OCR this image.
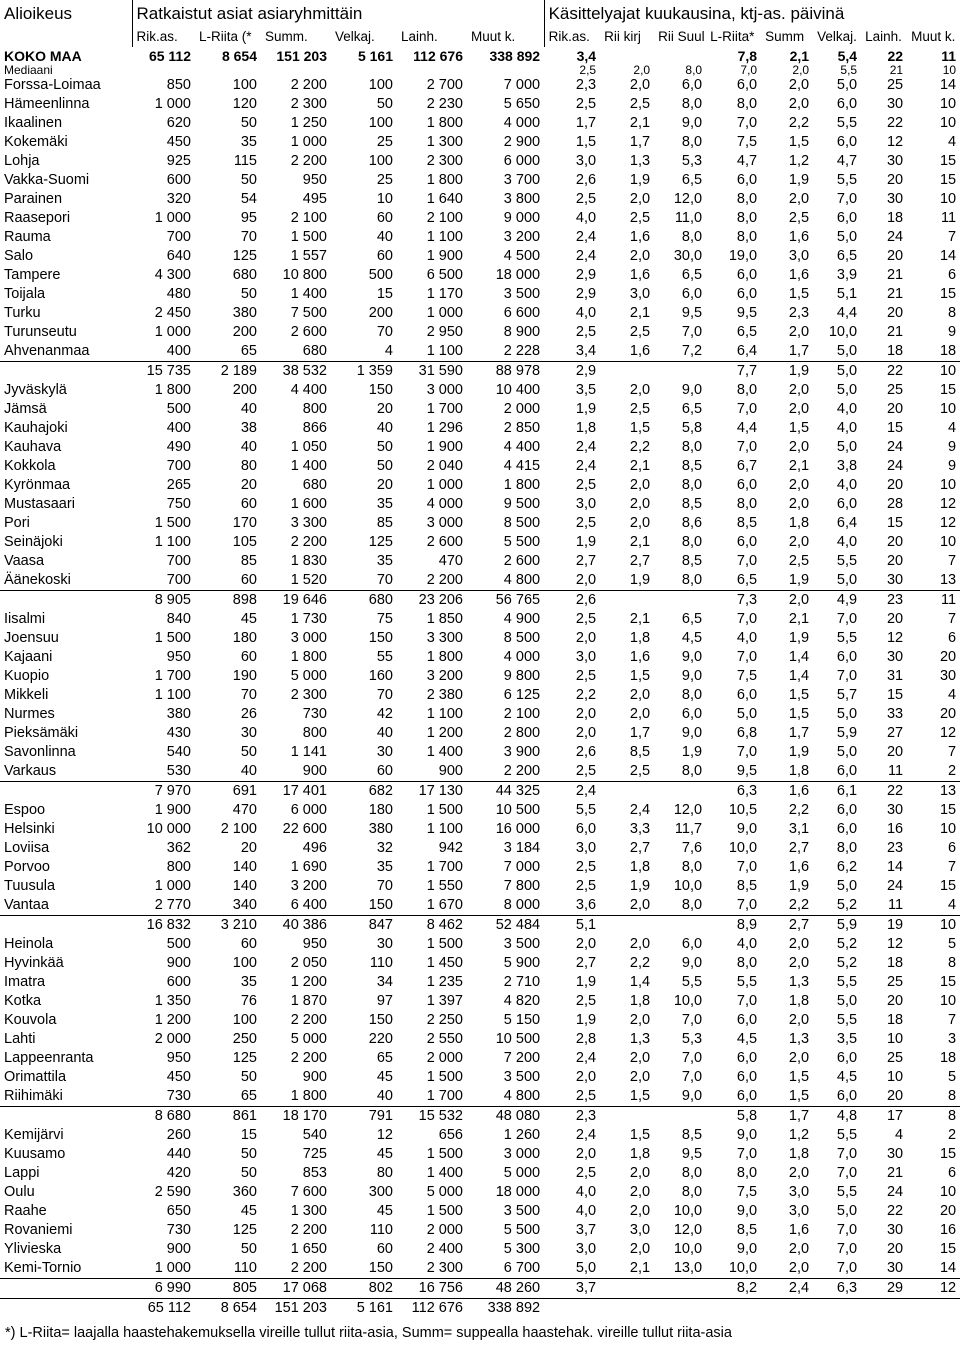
Alioikeus	Ratkaistut asiat asiaryhmittäin						Käsittelyajat kuukausina, ktj-as. päivinä							
	Rik.as.	L-Riita (*	Summ.	Velkaj.	Lainh.	Muut k.	Rik.as.	Rii kirj	Rii Suul	L-Riita*	Summ	Velkaj.	Lainh.	Muut k.
KOKO MAA	65 112	8 654	151 203	5 161	112 676	338 892	3,4			7,8	2,1	5,4	22	11
Mediaani							2,5	2,0	8,0	7,0	2,0	5,5	21	10
Forssa-Loimaa	850	100	2 200	100	2 700	7 000	2,3	2,0	6,0	6,0	2,0	5,0	25	14
Hämeenlinna	1 000	120	2 300	50	2 230	5 650	2,5	2,5	8,0	8,0	2,0	6,0	30	10
Ikaalinen	620	50	1 250	100	1 800	4 000	1,7	2,1	9,0	7,0	2,2	5,5	22	10
Kokemäki	450	35	1 000	25	1 300	2 900	1,5	1,7	8,0	7,5	1,5	6,0	12	4
Lohja	925	115	2 200	100	2 300	6 000	3,0	1,3	5,3	4,7	1,2	4,7	30	15
Vakka-Suomi	600	50	950	25	1 800	3 700	2,6	1,9	6,5	6,0	1,9	5,5	20	15
Parainen	320	54	495	10	1 640	3 800	2,5	2,0	12,0	8,0	2,0	7,0	30	10
Raasepori	1 000	95	2 100	60	2 100	9 000	4,0	2,5	11,0	8,0	2,5	6,0	18	11
Rauma	700	70	1 500	40	1 100	3 200	2,4	1,6	8,0	8,0	1,6	5,0	24	7
Salo	640	125	1 557	60	1 900	4 500	2,4	2,0	30,0	19,0	3,0	6,5	20	14
Tampere	4 300	680	10 800	500	6 500	18 000	2,9	1,6	6,5	6,0	1,6	3,9	21	6
Toijala	480	50	1 400	15	1 170	3 500	2,9	3,0	6,0	6,0	1,5	5,1	21	15
Turku	2 450	380	7 500	200	1 000	6 600	4,0	2,1	9,5	9,5	2,3	4,4	20	8
Turunseutu	1 000	200	2 600	70	2 950	8 900	2,5	2,5	7,0	6,5	2,0	10,0	21	9
Ahvenanmaa	400	65	680	4	1 100	2 228	3,4	1,6	7,2	6,4	1,7	5,0	18	18
	15 735	2 189	38 532	1 359	31 590	88 978	2,9			7,7	1,9	5,0	22	10
Jyväskylä	1 800	200	4 400	150	3 000	10 400	3,5	2,0	9,0	8,0	2,0	5,0	25	15
Jämsä	500	40	800	20	1 700	2 000	1,9	2,5	6,5	7,0	2,0	4,0	20	10
Kauhajoki	400	38	866	40	1 296	2 850	1,8	1,5	5,8	4,4	1,5	4,0	15	4
Kauhava	490	40	1 050	50	1 900	4 400	2,4	2,2	8,0	7,0	2,0	5,0	24	9
Kokkola	700	80	1 400	50	2 040	4 415	2,4	2,1	8,5	6,7	2,1	3,8	24	9
Kyrönmaa	265	20	680	20	1 000	1 800	2,5	2,0	8,0	6,0	2,0	4,0	20	10
Mustasaari	750	60	1 600	35	4 000	9 500	3,0	2,0	8,5	8,0	2,0	6,0	28	12
Pori	1 500	170	3 300	85	3 000	8 500	2,5	2,0	8,6	8,5	1,8	6,4	15	12
Seinäjoki	1 100	105	2 200	125	2 600	5 500	1,9	2,1	8,0	6,0	2,0	4,0	20	10
Vaasa	700	85	1 830	35	470	2 600	2,7	2,7	8,5	7,0	2,5	5,5	20	7
Äänekoski	700	60	1 520	70	2 200	4 800	2,0	1,9	8,0	6,5	1,9	5,0	30	13
	8 905	898	19 646	680	23 206	56 765	2,6			7,3	2,0	4,9	23	11
Iisalmi	840	45	1 730	75	1 850	4 900	2,5	2,1	6,5	7,0	2,1	7,0	20	7
Joensuu	1 500	180	3 000	150	3 300	8 500	2,0	1,8	4,5	4,0	1,9	5,5	12	6
Kajaani	950	60	1 800	55	1 800	4 000	3,0	1,6	9,0	7,0	1,4	6,0	30	20
Kuopio	1 700	190	5 000	160	3 200	9 800	2,5	1,5	9,0	7,5	1,4	7,0	31	30
Mikkeli	1 100	70	2 300	70	2 380	6 125	2,2	2,0	8,0	6,0	1,5	5,7	15	4
Nurmes	380	26	730	42	1 100	2 100	2,0	2,0	6,0	5,0	1,5	5,0	33	20
Pieksämäki	430	30	800	40	1 200	2 800	2,0	1,7	9,0	6,8	1,7	5,9	27	12
Savonlinna	540	50	1 141	30	1 400	3 900	2,6	8,5	1,9	7,0	1,9	5,0	20	7
Varkaus	530	40	900	60	900	2 200	2,5	2,5	8,0	9,5	1,8	6,0	11	2
	7 970	691	17 401	682	17 130	44 325	2,4			6,3	1,6	6,1	22	13
Espoo	1 900	470	6 000	180	1 500	10 500	5,5	2,4	12,0	10,5	2,2	6,0	30	15
Helsinki	10 000	2 100	22 600	380	1 100	16 000	6,0	3,3	11,7	9,0	3,1	6,0	16	10
Loviisa	362	20	496	32	942	3 184	3,0	2,7	7,6	10,0	2,7	8,0	23	6
Porvoo	800	140	1 690	35	1 700	7 000	2,5	1,8	8,0	7,0	1,6	6,2	14	7
Tuusula	1 000	140	3 200	70	1 550	7 800	2,5	1,9	10,0	8,5	1,9	5,0	24	15
Vantaa	2 770	340	6 400	150	1 670	8 000	3,6	2,0	8,0	7,0	2,2	5,2	11	4
	16 832	3 210	40 386	847	8 462	52 484	5,1			8,9	2,7	5,9	19	10
Heinola	500	60	950	30	1 500	3 500	2,0	2,0	6,0	4,0	2,0	5,2	12	5
Hyvinkää	900	100	2 050	110	1 450	5 900	2,7	2,2	9,0	8,0	2,0	5,2	18	8
Imatra	600	35	1 200	34	1 235	2 710	1,9	1,4	5,5	5,5	1,3	5,5	25	15
Kotka	1 350	76	1 870	97	1 397	4 820	2,5	1,8	10,0	7,0	1,8	5,0	20	10
Kouvola	1 200	100	2 200	150	2 250	5 150	1,9	2,0	7,0	6,0	2,0	5,5	18	7
Lahti	2 000	250	5 000	220	2 550	10 500	2,8	1,3	5,3	4,5	1,3	3,5	10	3
Lappeenranta	950	125	2 200	65	2 000	7 200	2,4	2,0	7,0	6,0	2,0	6,0	25	18
Orimattila	450	50	900	45	1 500	3 500	2,0	2,0	7,0	6,0	1,5	4,5	10	5
Riihimäki	730	65	1 800	40	1 700	4 800	2,5	1,5	9,0	6,0	1,5	6,0	20	8
	8 680	861	18 170	791	15 532	48 080	2,3			5,8	1,7	4,8	17	8
Kemijärvi	260	15	540	12	656	1 260	2,4	1,5	8,5	9,0	1,2	5,5	4	2
Kuusamo	440	50	725	45	1 500	3 000	2,0	1,8	9,5	7,0	1,8	7,0	30	15
Lappi	420	50	853	80	1 400	5 000	2,5	2,0	8,0	8,0	2,0	7,0	21	6
Oulu	2 590	360	7 600	300	5 000	18 000	4,0	2,0	8,0	7,5	3,0	5,5	24	10
Raahe	650	45	1 300	45	1 500	3 500	4,0	2,0	10,0	9,0	3,0	5,0	22	20
Rovaniemi	730	125	2 200	110	2 000	5 500	3,7	3,0	12,0	8,5	1,6	7,0	30	16
Ylivieska	900	50	1 650	60	2 400	5 300	3,0	2,0	10,0	9,0	2,0	7,0	20	15
Kemi-Tornio	1 000	110	2 200	150	2 300	6 700	5,0	2,1	13,0	10,0	2,0	7,0	30	14
	6 990	805	17 068	802	16 756	48 260	3,7			8,2	2,4	6,3	29	12
	65 112	8 654	151 203	5 161	112 676	338 892								
*) L-Riita= laajalla haastehakemuksella vireille tullut riita-asia, Summ= suppealla haastehak. vireille tullut riita-asia
